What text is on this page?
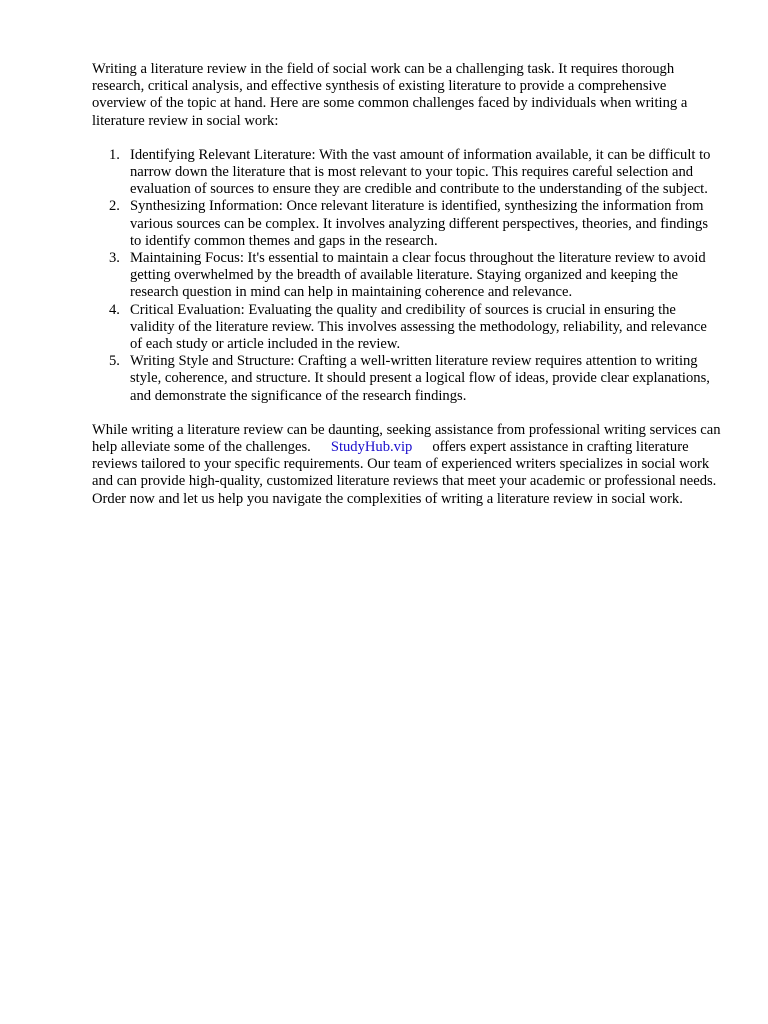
Writing a literature review in the field of social work can be a challenging task. It requires thorough research, critical analysis, and effective synthesis of existing literature to provide a comprehensive overview of the topic at hand. Here are some common challenges faced by individuals when writing a literature review in social work:

1. Identifying Relevant Literature: With the vast amount of information available, it can be difficult to narrow down the literature that is most relevant to your topic. This requires careful selection and evaluation of sources to ensure they are credible and contribute to the understanding of the subject.
2. Synthesizing Information: Once relevant literature is identified, synthesizing the information from various sources can be complex. It involves analyzing different perspectives, theories, and findings to identify common themes and gaps in the research.
3. Maintaining Focus: It's essential to maintain a clear focus throughout the literature review to avoid getting overwhelmed by the breadth of available literature. Staying organized and keeping the research question in mind can help in maintaining coherence and relevance.
4. Critical Evaluation: Evaluating the quality and credibility of sources is crucial in ensuring the validity of the literature review. This involves assessing the methodology, reliability, and relevance of each study or article included in the review.
5. Writing Style and Structure: Crafting a well-written literature review requires attention to writing style, coherence, and structure. It should present a logical flow of ideas, provide clear explanations, and demonstrate the significance of the research findings.

While writing a literature review can be daunting, seeking assistance from professional writing services can help alleviate some of the challenges. StudyHub.vip offers expert assistance in crafting literature reviews tailored to your specific requirements. Our team of experienced writers specializes in social work and can provide high-quality, customized literature reviews that meet your academic or professional needs. Order now and let us help you navigate the complexities of writing a literature review in social work.
